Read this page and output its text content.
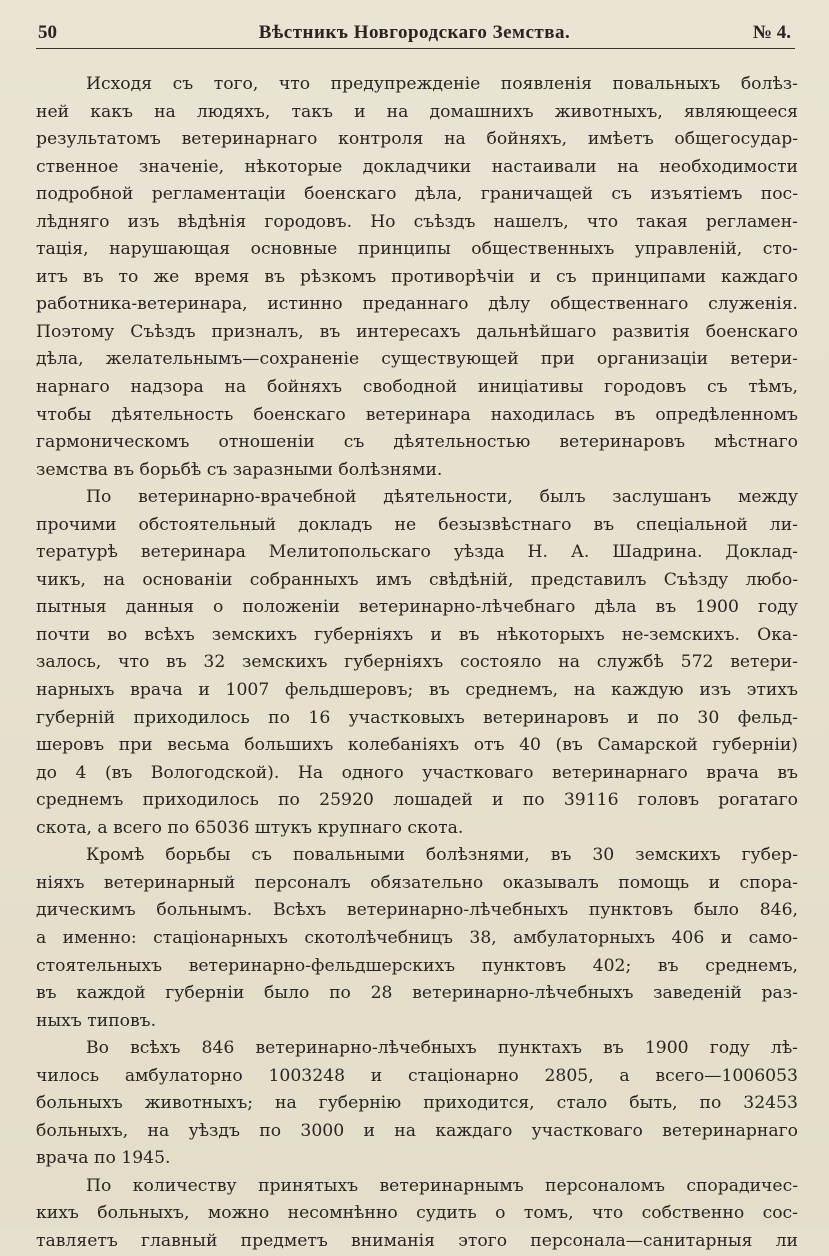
50	Вѣстникъ Новгородскаго Земства.	№ 4.
Исходя съ того, что предупрежденіе появленія повальныхъ болѣз-
ней какъ на людяхъ, такъ и на домашнихъ животныхъ, являющееся
результатомъ ветеринарнаго контроля на бойняхъ, имѣетъ общегосудар-
ственное значеніе, нѣкоторые докладчики настаивали на необходимости
подробной регламентаціи боенскаго дѣла, граничащей съ изъятіемъ пос-
лѣдняго изъ вѣдѣнія городовъ. Но съѣздъ нашелъ, что такая регламен-
тація, нарушающая основные принципы общественныхъ управленій, сто-
итъ въ то же время въ рѣзкомъ противорѣчіи и съ принципами каждаго
работника-ветеринара, истинно преданнаго дѣлу общественнаго служенія.
Поэтому Съѣздъ призналъ, въ интересахъ дальнѣйшаго развитія боенскаго
дѣла, желательнымъ—сохраненіе существующей при организаціи ветери-
нарнаго надзора на бойняхъ свободной иниціативы городовъ съ тѣмъ,
чтобы дѣятельность боенскаго ветеринара находилась въ опредѣленномъ
гармоническомъ отношеніи съ дѣятельностью ветеринаровъ мѣстнаго
земства въ борьбѣ съ заразными болѣзнями.
По ветеринарно-врачебной дѣятельности, былъ заслушанъ между
прочими обстоятельный докладъ не безызвѣстнаго въ спеціальной ли-
тературѣ ветеринара Мелитопольскаго уѣзда Н. А. Шадрина. Доклад-
чикъ, на основаніи собранныхъ имъ свѣдѣній, представилъ Съѣзду любо-
пытныя данныя о положеніи ветеринарно-лѣчебнаго дѣла въ 1900 году
почти во всѣхъ земскихъ губерніяхъ и въ нѣкоторыхъ не-земскихъ. Ока-
залось, что въ 32 земскихъ губерніяхъ состояло на службѣ 572 ветери-
нарныхъ врача и 1007 фельдшеровъ; въ среднемъ, на каждую изъ этихъ
губерній приходилось по 16 участковыхъ ветеринаровъ и по 30 фельд-
шеровъ при весьма большихъ колебаніяхъ отъ 40 (въ Самарской губерніи)
до 4 (въ Вологодской). На одного участковаго ветеринарнаго врача въ
среднемъ приходилось по 25920 лошадей и по 39116 головъ рогатаго
скота, а всего по 65036 штукъ крупнаго скота.
Кромѣ борьбы съ повальными болѣзнями, въ 30 земскихъ губер-
ніяхъ ветеринарный персоналъ обязательно оказывалъ помощь и спора-
дическимъ больнымъ. Всѣхъ ветеринарно-лѣчебныхъ пунктовъ было 846,
а именно: стаціонарныхъ скотолѣчебницъ 38, амбулаторныхъ 406 и само-
стоятельныхъ ветеринарно-фельдшерскихъ пунктовъ 402; въ среднемъ,
въ каждой губерніи было по 28 ветеринарно-лѣчебныхъ заведеній раз-
ныхъ типовъ.
Во всѣхъ 846 ветеринарно-лѣчебныхъ пунктахъ въ 1900 году лѣ-
чилось амбулаторно 1003248 и стаціонарно 2805, а всего—1006053
больныхъ животныхъ; на губернію приходится, стало быть, по 32453
больныхъ, на уѣздъ по 3000 и на каждаго участковаго ветеринарнаго
врача по 1945.
По количеству принятыхъ ветеринарнымъ персоналомъ спорадичес-
кихъ больныхъ, можно несомнѣнно судить о томъ, что собственно сос-
тавляетъ главный предметъ вниманія этого персонала—санитарныя ли
